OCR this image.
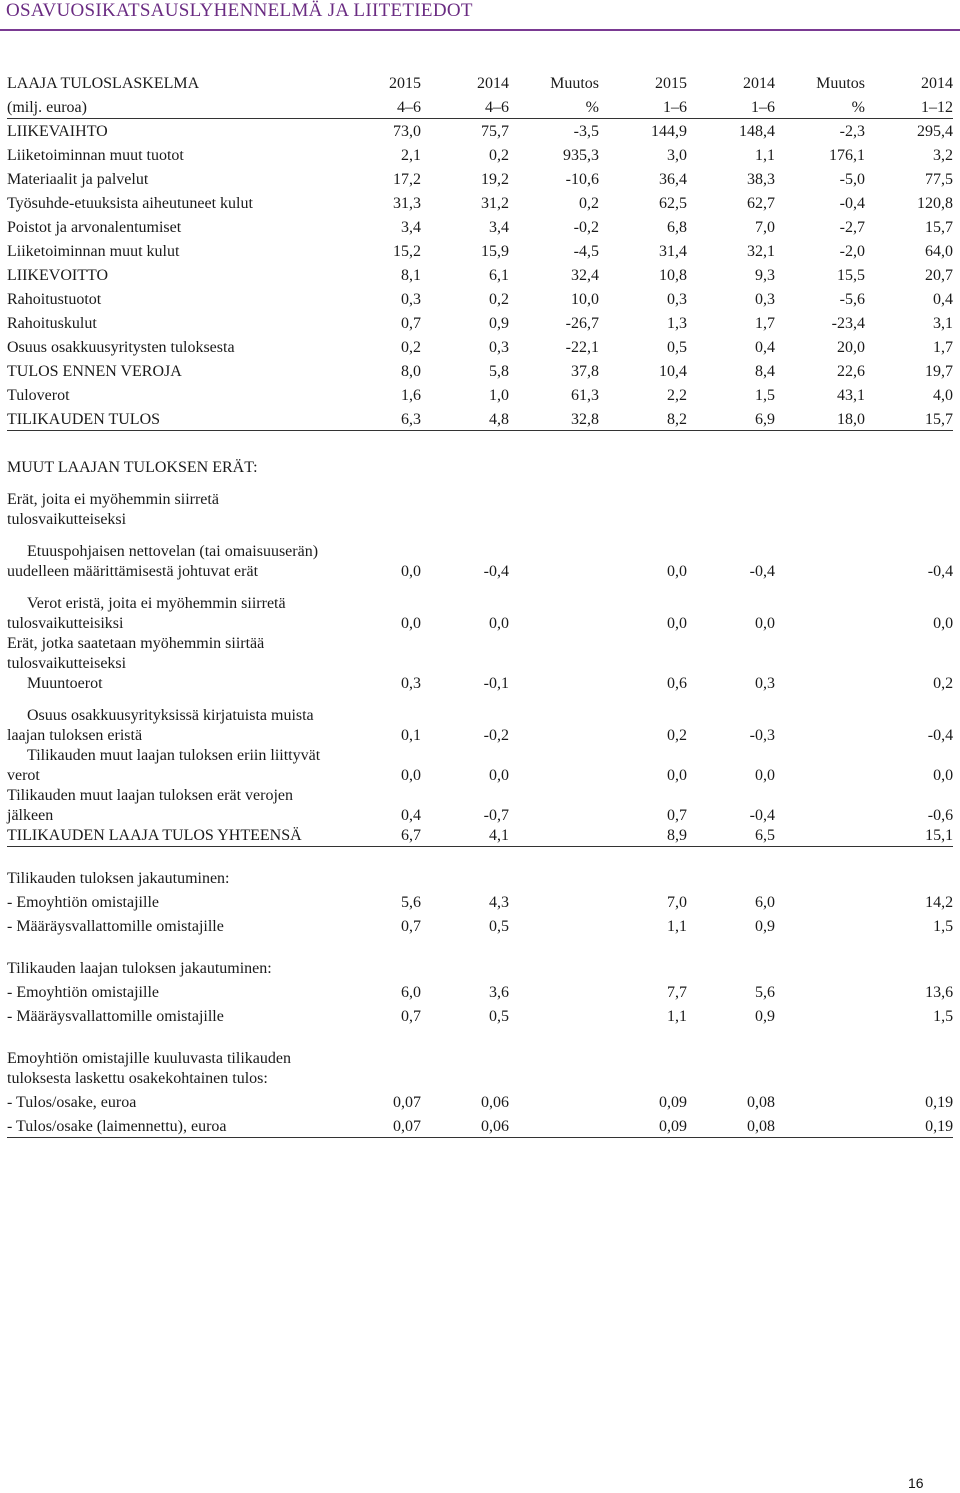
OSAVUOSIKATSAUSLYHENNELMÄ JA LIITETIEDOT
LAAJA TULOSLASKELMA	2015	2014	Muutos	2015	2014	Muutos	2014
(milj. euroa)	4–6	4–6	%	1–6	1–6	%	1–12
LIIKEVAIHTO	73,0	75,7	-3,5	144,9	148,4	-2,3	295,4
Liiketoiminnan muut tuotot	2,1	0,2	935,3	3,0	1,1	176,1	3,2
Materiaalit ja palvelut	17,2	19,2	-10,6	36,4	38,3	-5,0	77,5
Työsuhde-etuuksista aiheutuneet kulut	31,3	31,2	0,2	62,5	62,7	-0,4	120,8
Poistot ja arvonalentumiset	3,4	3,4	-0,2	6,8	7,0	-2,7	15,7
Liiketoiminnan muut kulut	15,2	15,9	-4,5	31,4	32,1	-2,0	64,0
LIIKEVOITTO	8,1	6,1	32,4	10,8	9,3	15,5	20,7
Rahoitustuotot	0,3	0,2	10,0	0,3	0,3	-5,6	0,4
Rahoituskulut	0,7	0,9	-26,7	1,3	1,7	-23,4	3,1
Osuus osakkuusyritysten tuloksesta	0,2	0,3	-22,1	0,5	0,4	20,0	1,7
TULOS ENNEN VEROJA	8,0	5,8	37,8	10,4	8,4	22,6	19,7
Tuloverot	1,6	1,0	61,3	2,2	1,5	43,1	4,0
TILIKAUDEN TULOS	6,3	4,8	32,8	8,2	6,9	18,0	15,7
MUUT LAAJAN TULOKSEN ERÄT:							

Erät, joita ei myöhemmin siirretä tulosvaikutteiseksi							

Etuuspohjaisen nettovelan (tai omaisuuserän) uudelleen määrittämisestä johtuvat erät	0,0	-0,4		0,0	-0,4		-0,4

Verot eristä, joita ei myöhemmin siirretä tulosvaikutteisiksi	0,0	0,0		0,0	0,0		0,0
Erät, jotka saatetaan myöhemmin siirtää tulosvaikutteiseksi							
Muuntoerot	0,3	-0,1		0,6	0,3		0,2

Osuus osakkuusyrityksissä kirjatuista muista laajan tuloksen eristä	0,1	-0,2		0,2	-0,3		-0,4
Tilikauden muut laajan tuloksen eriin liittyvät verot	0,0	0,0		0,0	0,0		0,0
Tilikauden muut laajan tuloksen erät verojen jälkeen	0,4	-0,7		0,7	-0,4		-0,6
TILIKAUDEN LAAJA TULOS YHTEENSÄ	6,7	4,1		8,9	6,5		15,1

Tilikauden tuloksen jakautuminen:							

- Emoyhtiön omistajille	5,6	4,3		7,0	6,0		14,2

- Määräysvallattomille omistajille	0,7	0,5		1,1	0,9		1,5

Tilikauden laajan tuloksen jakautuminen:							

- Emoyhtiön omistajille	6,0	3,6		7,7	5,6		13,6

- Määräysvallattomille omistajille	0,7	0,5		1,1	0,9		1,5

Emoyhtiön omistajille kuuluvasta tilikauden tuloksesta laskettu osakekohtainen tulos:							

- Tulos/osake, euroa	0,07	0,06		0,09	0,08		0,19

- Tulos/osake (laimennettu), euroa	0,07	0,06		0,09	0,08		0,19
16
